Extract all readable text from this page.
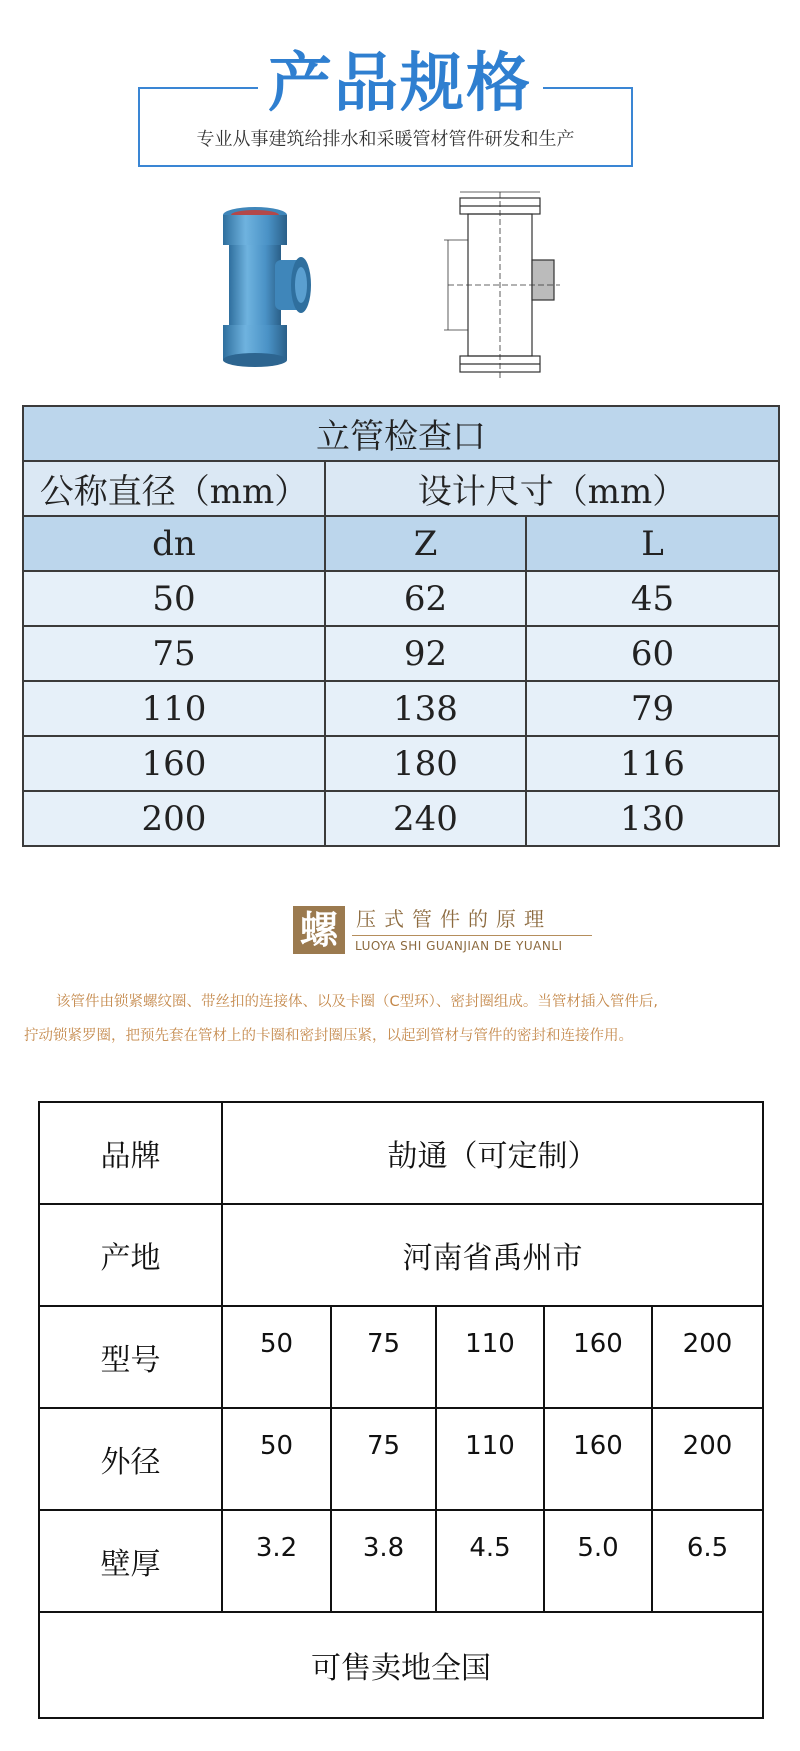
产品规格
专业从事建筑给排水和采暖管材管件研发和生产
立管检查口		
公称直径（mm）	设计尺寸（mm）	
dn	Z	L
50	62	45
75	92	60
110	138	79
160	180	116
200	240	130
螺 压式管件的原理
LUOYA SHI GUANJIAN DE YUANLI

该管件由锁紧螺纹圈、带丝扣的连接体、以及卡圈（C型环）、密封圈组成。当管材插入管件后,

拧动锁紧罗圈，把预先套在管材上的卡圈和密封圈压紧，以起到管材与管件的密封和连接作用。

品牌	劼通（可定制）				
产地	河南省禹州市				
型号	50	75	110	160	200
外径	50	75	110	160	200
壁厚	3.2	3.8	4.5	5.0	6.5
可售卖地全国					
